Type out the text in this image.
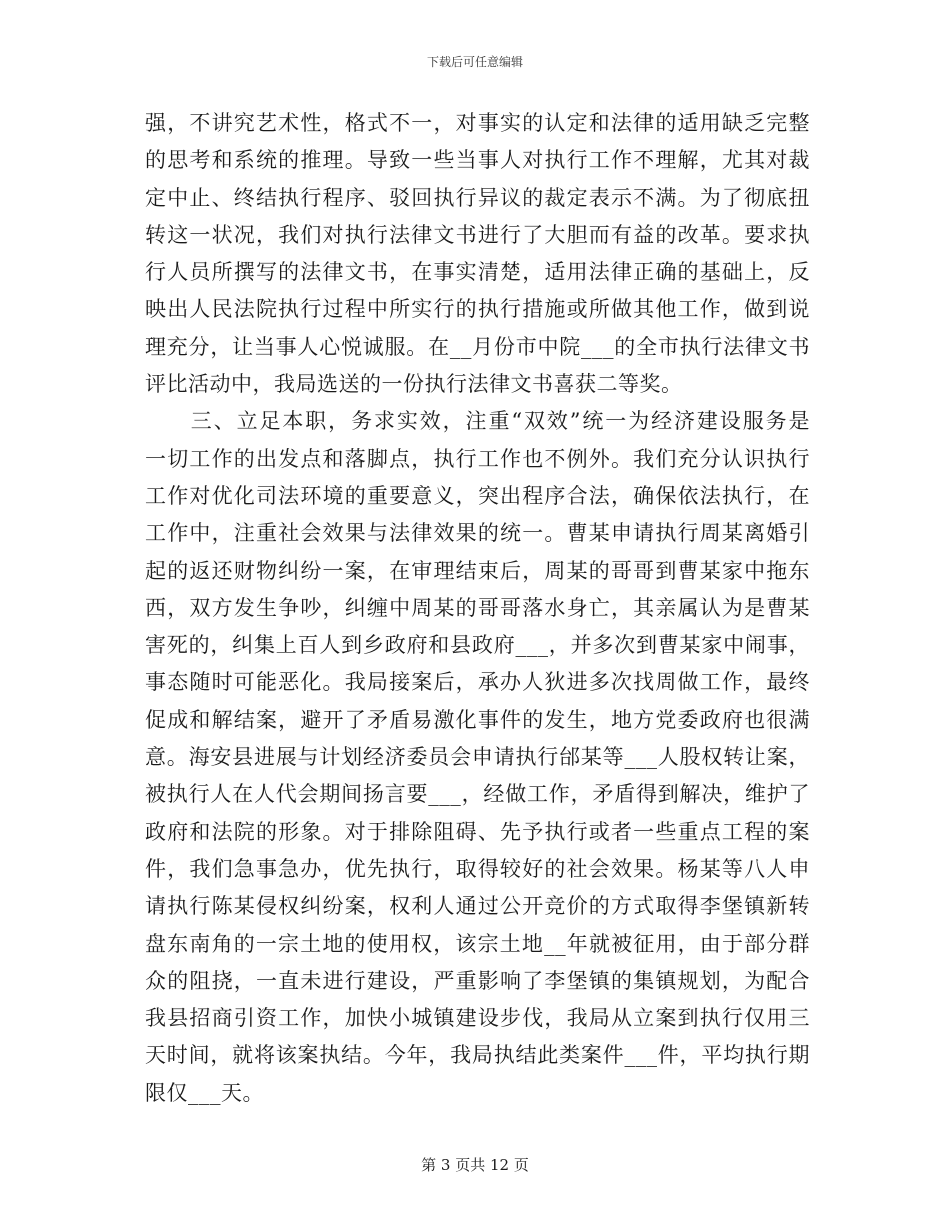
下载后可任意编辑
强，不讲究艺术性，格式不一，对事实的认定和法律的适用缺乏完整
的思考和系统的推理。导致一些当事人对执行工作不理解，尤其对裁
定中止、终结执行程序、驳回执行异议的裁定表示不满。为了彻底扭
转这一状况，我们对执行法律文书进行了大胆而有益的改革。要求执
行人员所撰写的法律文书，在事实清楚，适用法律正确的基础上，反
映出人民法院执行过程中所实行的执行措施或所做其他工作，做到说
理充分，让当事人心悦诚服。在__月份市中院___的全市执行法律文书
评比活动中，我局选送的一份执行法律文书喜获二等奖。
　　三、立足本职，务求实效，注重“双效”统一为经济建设服务是
一切工作的出发点和落脚点，执行工作也不例外。我们充分认识执行
工作对优化司法环境的重要意义，突出程序合法，确保依法执行，在
工作中，注重社会效果与法律效果的统一。曹某申请执行周某离婚引
起的返还财物纠纷一案，在审理结束后，周某的哥哥到曹某家中拖东
西，双方发生争吵，纠缠中周某的哥哥落水身亡，其亲属认为是曹某
害死的，纠集上百人到乡政府和县政府___，并多次到曹某家中闹事，
事态随时可能恶化。我局接案后，承办人狄进多次找周做工作，最终
促成和解结案，避开了矛盾易激化事件的发生，地方党委政府也很满
意。海安县进展与计划经济委员会申请执行邰某等___人股权转让案，
被执行人在人代会期间扬言要___，经做工作，矛盾得到解决，维护了
政府和法院的形象。对于排除阻碍、先予执行或者一些重点工程的案
件，我们急事急办，优先执行，取得较好的社会效果。杨某等八人申
请执行陈某侵权纠纷案，权利人通过公开竞价的方式取得李堡镇新转
盘东南角的一宗土地的使用权，该宗土地__年就被征用，由于部分群
众的阻挠，一直未进行建设，严重影响了李堡镇的集镇规划，为配合
我县招商引资工作，加快小城镇建设步伐，我局从立案到执行仅用三
天时间，就将该案执结。今年，我局执结此类案件___件，平均执行期
限仅___天。
第 3 页共 12 页
